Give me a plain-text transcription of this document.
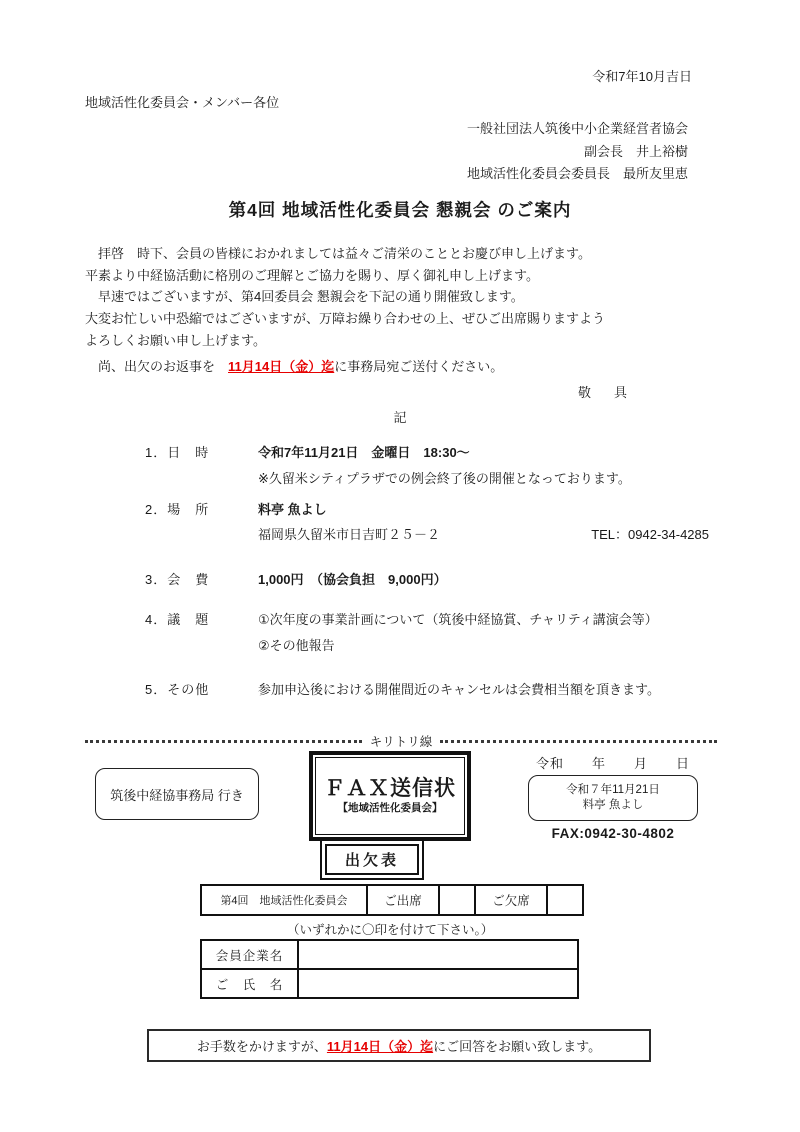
令和7年10月吉日
地域活性化委員会・メンバー各位
一般社団法人筑後中小企業経営者協会
副会長　井上裕樹
地域活性化委員会委員長　最所友里恵
第4回 地域活性化委員会 懇親会 のご案内
　拝啓　時下、会員の皆様におかれましては益々ご清栄のこととお慶び申し上げます。
平素より中経協活動に格別のご理解とご協力を賜り、厚く御礼申し上げます。
　早速ではございますが、第4回委員会 懇親会を下記の通り開催致します。
大変お忙しい中恐縮ではございますが、万障お繰り合わせの上、ぜひご出席賜りますよう
よろしくお願い申し上げます。
　尚、出欠のお返事を　11月14日（金）迄に事務局宛ご送付ください。
敬　具
記
1．日　時	令和7年11月21日　金曜日　18:30～
※久留米シティプラザでの例会終了後の開催となっております。
2．場　所	料亭 魚よし
福岡県久留米市日吉町２５－２	TEL：0942-34-4285
3．会　費	1,000円　（協会負担　9,000円）
4．議　題	①次年度の事業計画について（筑後中経協賞、チャリティ講演会等）
②その他報告
5．その他	参加申込後における開催間近のキャンセルは会費相当額を頂きます。
キリトリ線
筑後中経協事務局 行き	ＦＡＸ送信状
【地域活性化委員会】
令和　　年　　月　　日
令和７年11月21日
料亭 魚よし
FAX:0942-30-4802
出欠表
第4回　地域活性化委員会	ご出席		ご欠席	
（いずれかに〇印を付けて下さい。）
会員企業名	
ご　氏　名	
お手数をかけますが、 11月14日（金）迄 にご回答をお願い致します。
